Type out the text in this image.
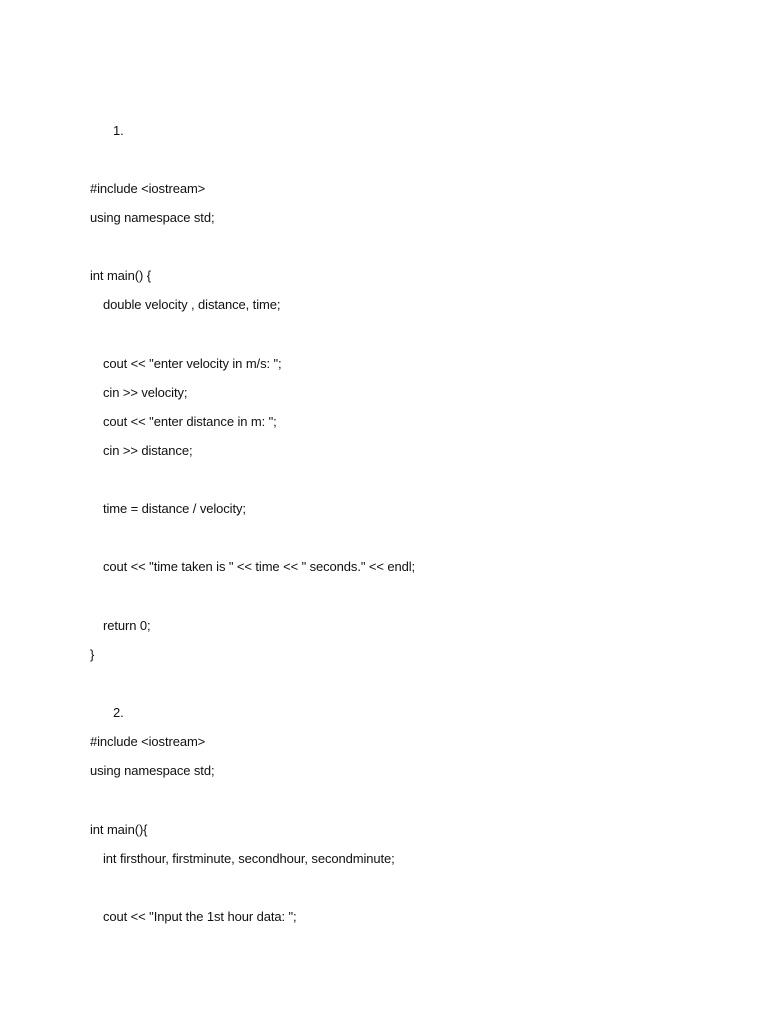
1.
#include <iostream>
using namespace std;
int main() {
double velocity , distance, time;
cout << "enter velocity in m/s: ";
cin >> velocity;
cout << "enter distance in m: ";
cin >> distance;
time = distance / velocity;
cout << "time taken is " << time << " seconds." << endl;
return 0;
}
2.
#include <iostream>
using namespace std;
int main(){
int firsthour, firstminute, secondhour, secondminute;
cout << "Input the 1st hour data: ";
